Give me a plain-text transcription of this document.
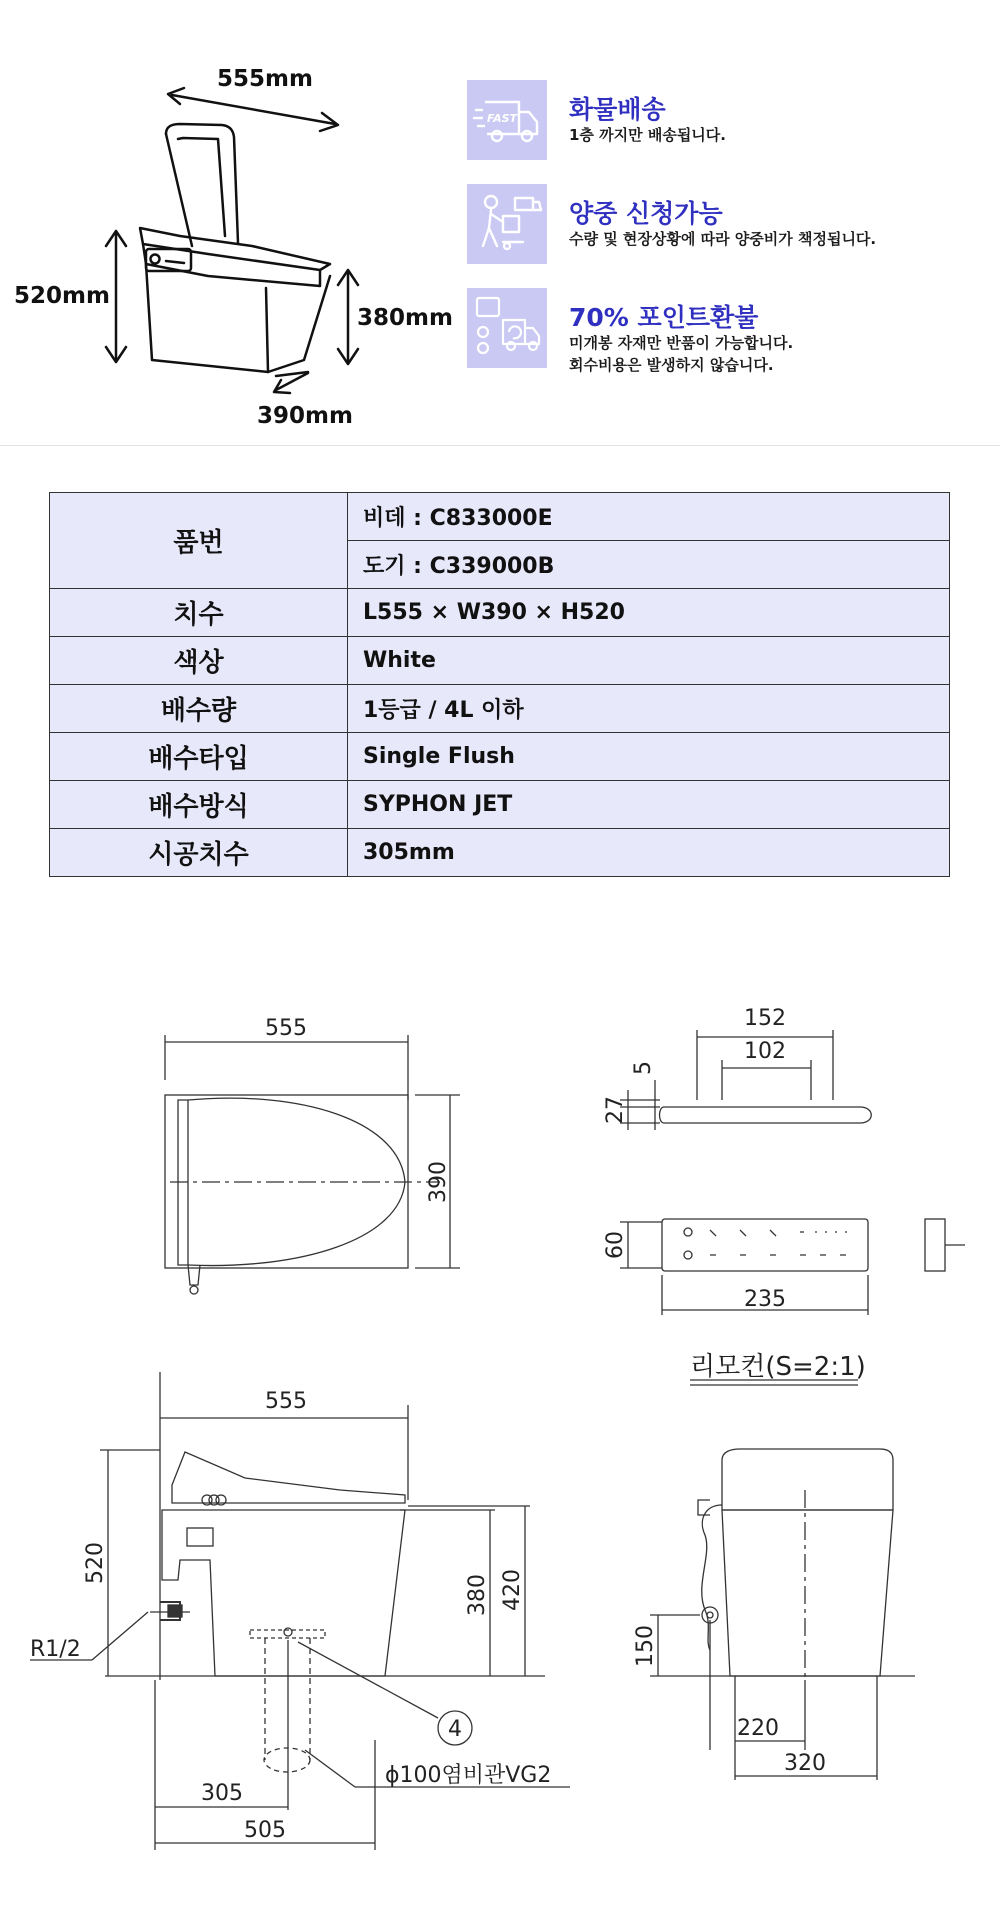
555mm
520mm
380mm
390mm
FAST 화물배송
1층 까지만 배송됩니다.
양중 신청가능
수량 및 현장상황에 따라 양중비가 책정됩니다.
70% 포인트환불
미개봉 자재만 반품이 가능합니다.
회수비용은 발생하지 않습니다.
품번	비데 : C833000E
	도기 : C339000B
치수	L555 × W390 × H520
색상	White
배수량	1등급 / 4L 이하
배수타입	Single Flush
배수방식	SYPHON JET
시공치수	305mm
리모컨(S=2:1)
555
390
152
102
5
27
60
235
555
520
380 420
R1/2
305
505
4
ϕ100염비관VG2
150
220
320
